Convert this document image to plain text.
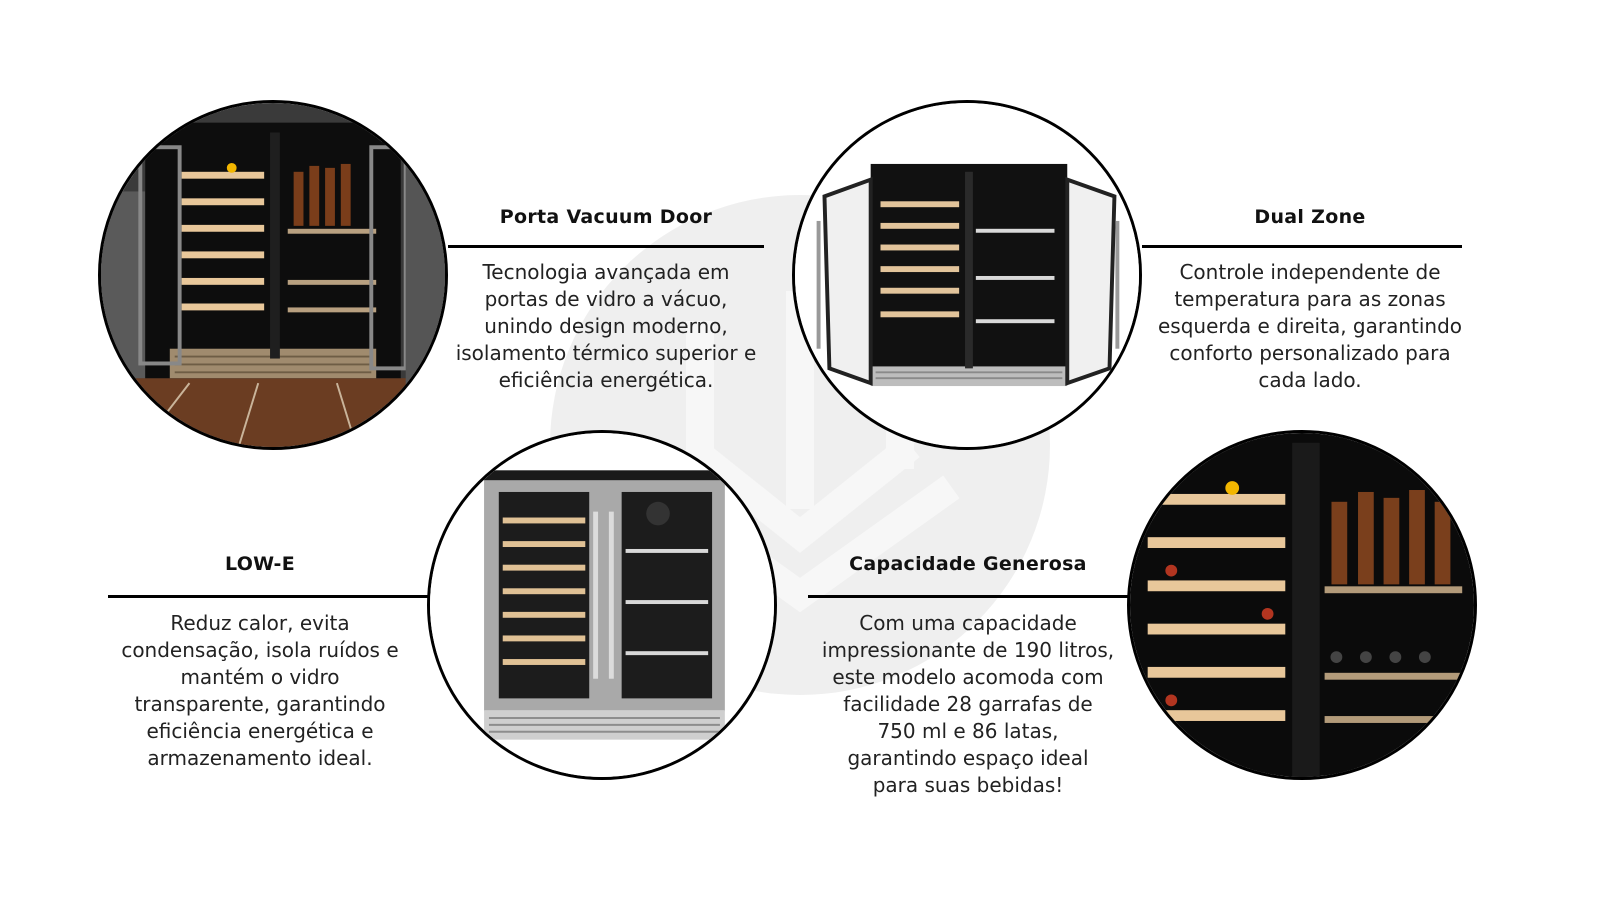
Porta Vacuum Door
Tecnologia avançada em
portas de vidro a vácuo,
unindo design moderno,
isolamento térmico superior e
eficiência energética.
Dual Zone
Controle independente de
temperatura para as zonas
esquerda e direita, garantindo
conforto personalizado para
cada lado.
LOW-E
Reduz calor, evita
condensação, isola ruídos e
mantém o vidro
transparente, garantindo
eficiência energética e
armazenamento ideal.
Capacidade Generosa
Com uma capacidade
impressionante de 190 litros,
este modelo acomoda com
facilidade 28 garrafas de
750 ml e 86 latas,
garantindo espaço ideal
para suas bebidas!
